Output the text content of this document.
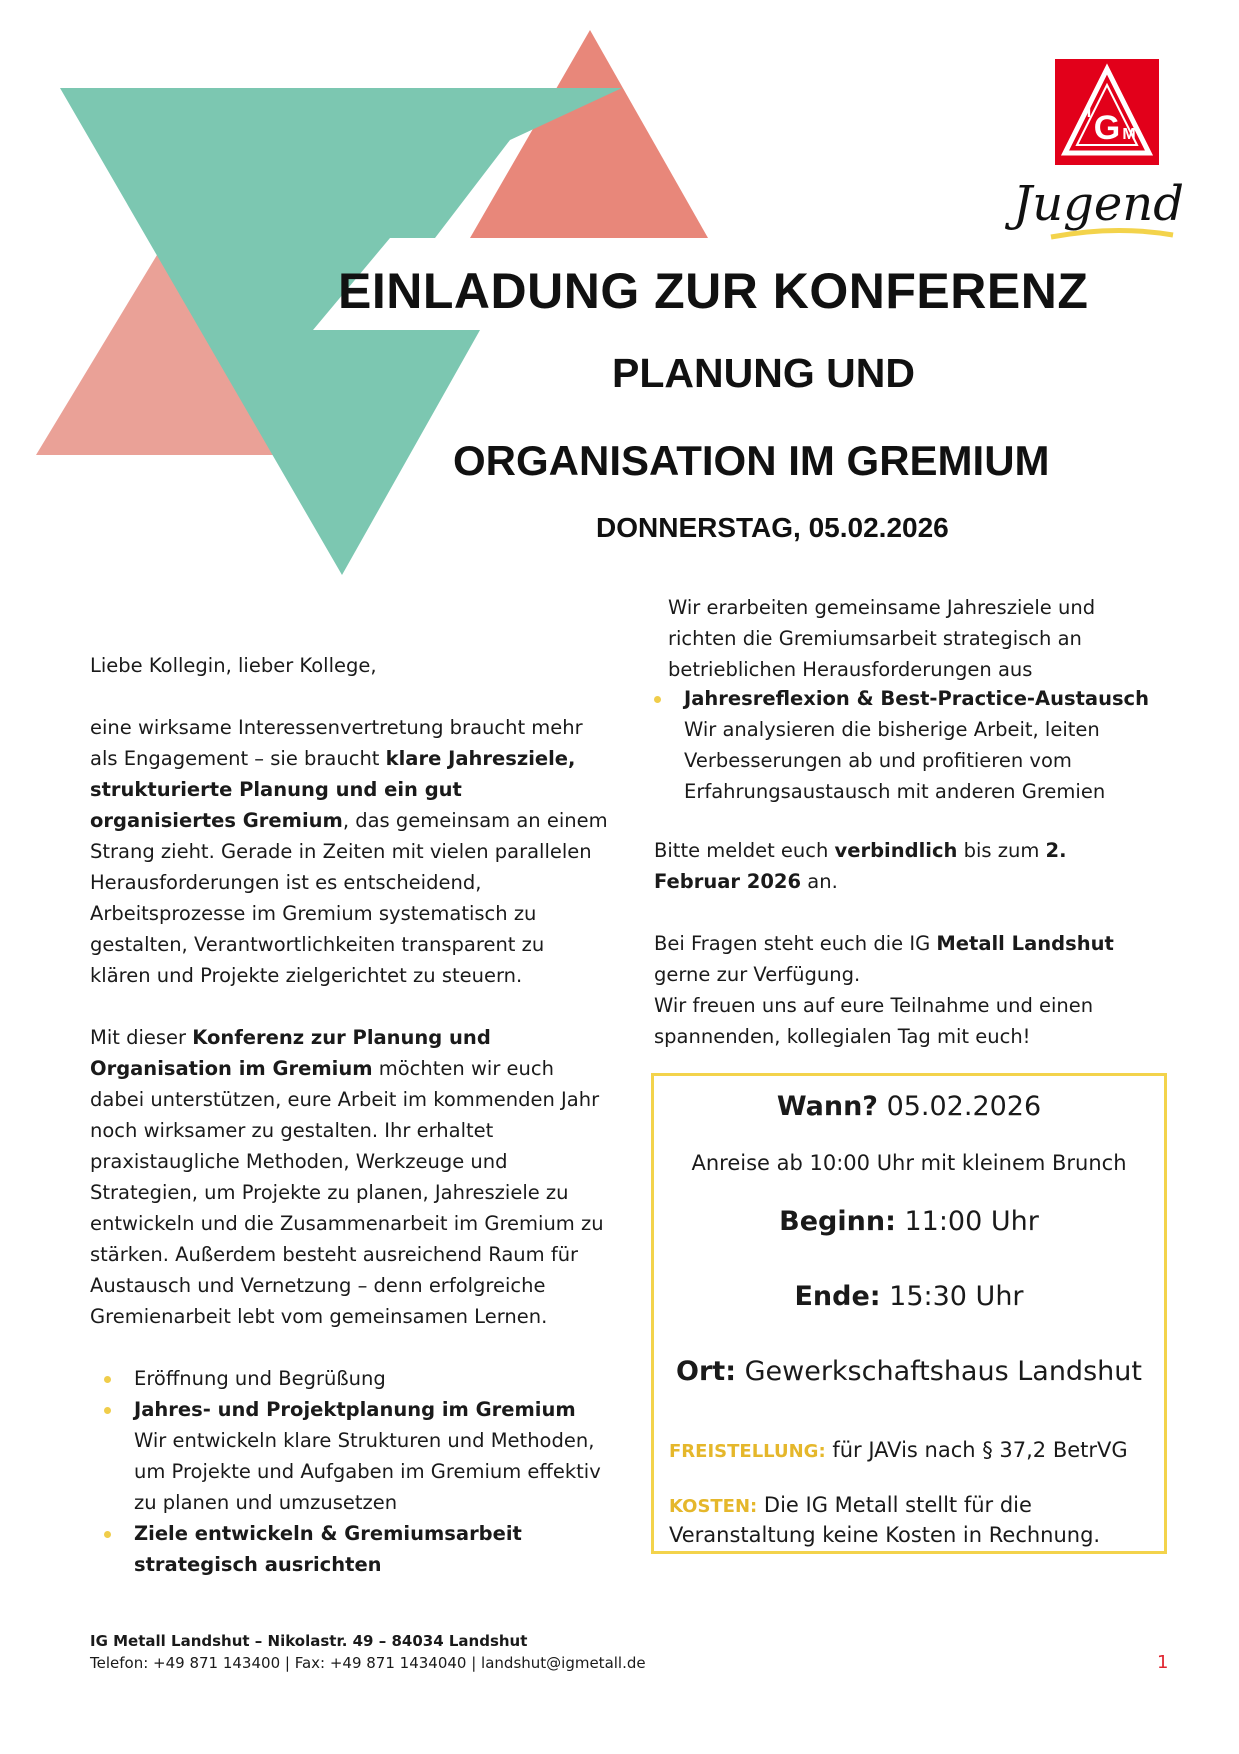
G
I
M
Jugend!
EINLADUNG ZUR KONFERENZ
PLANUNG UND
ORGANISATION IM GREMIUM
DONNERSTAG, 05.02.2026

Liebe Kollegin, lieber Kollege,

eine wirksame Interessenvertretung braucht mehr als Engagement – sie braucht klare Jahresziele, strukturierte Planung und ein gut organisiertes Gremium, das gemeinsam an einem Strang zieht. Gerade in Zeiten mit vielen parallelen Herausforderungen ist es entscheidend, Arbeitsprozesse im Gremium systematisch zu gestalten, Verantwortlichkeiten transparent zu klären und Projekte zielgerichtet zu steuern.

Mit dieser Konferenz zur Planung und Organisation im Gremium möchten wir euch dabei unterstützen, eure Arbeit im kommenden Jahr noch wirksamer zu gestalten. Ihr erhaltet praxistaugliche Methoden, Werkzeuge und Strategien, um Projekte zu planen, Jahresziele zu entwickeln und die Zusammenarbeit im Gremium zu stärken. Außerdem besteht ausreichend Raum für Austausch und Vernetzung – denn erfolgreiche Gremienarbeit lebt vom gemeinsamen Lernen.

Eröffnung und Begrüßung
Jahres- und Projektplanung im Gremium
Wir entwickeln klare Strukturen und Methoden, um Projekte und Aufgaben im Gremium effektiv zu planen und umzusetzen
Ziele entwickeln & Gremiumsarbeit strategisch ausrichten
Wir erarbeiten gemeinsame Jahresziele und richten die Gremiumsarbeit strategisch an betrieblichen Herausforderungen aus
Jahresreflexion & Best-Practice-Austausch
Wir analysieren die bisherige Arbeit, leiten Verbesserungen ab und profitieren vom Erfahrungsaustausch mit anderen Gremien

Bitte meldet euch verbindlich bis zum 2. Februar 2026 an.

Bei Fragen steht euch die IG Metall Landshut gerne zur Verfügung.

Wir freuen uns auf eure Teilnahme und einen spannenden, kollegialen Tag mit euch!

Wann? 05.02.2026
Anreise ab 10:00 Uhr mit kleinem Brunch
Beginn: 11:00 Uhr
Ende: 15:30 Uhr
Ort: Gewerkschaftshaus Landshut
FREISTELLUNG: für JAVis nach § 37,2 BetrVG
KOSTEN: Die IG Metall stellt für die Veranstaltung keine Kosten in Rechnung.
IG Metall Landshut – Nikolastr. 49 – 84034 Landshut
Telefon: +49 871 143400 | Fax: +49 871 1434040 | landshut@igmetall.de	1
